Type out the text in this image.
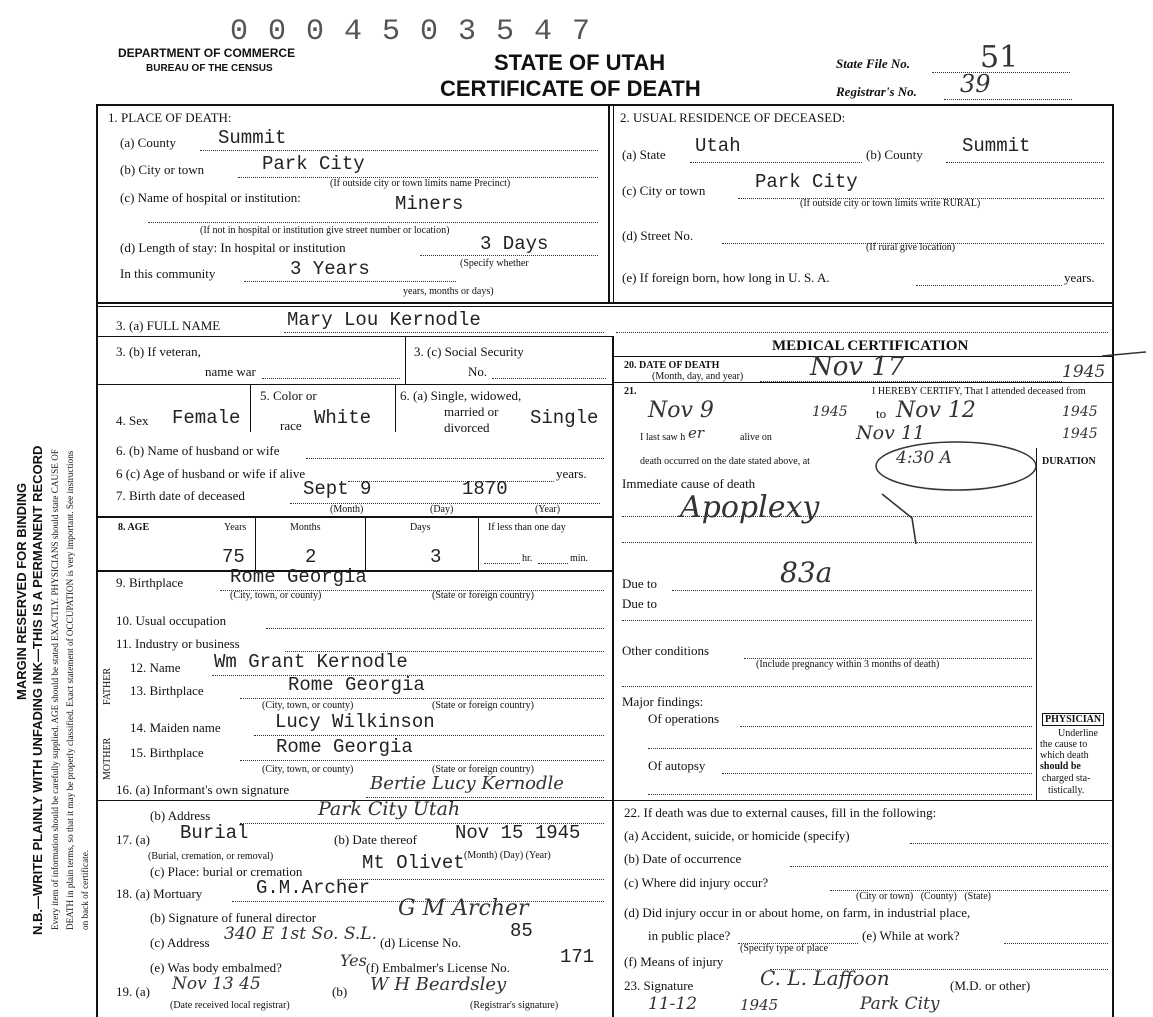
0 0 0 4 5 0 3 5 4 7
DEPARTMENT OF COMMERCE
BUREAU OF THE CENSUS	STATE OF UTAH
CERTIFICATE OF DEATH
State File No. 51
Registrar's No. 39
MARGIN RESERVED FOR BINDING N.B.—WRITE PLAINLY WITH UNFADING INK—THIS IS A PERMANENT RECORD Every item of information should be carefully supplied. AGE should be stated EXACTLY. PHYSICIANS should state CAUSE OF DEATH in plain terms, so that it may be properly classified. Exact statement of OCCUPATION is very important. See instructions on back of certificate.
1. PLACE OF DEATH:
(a) County Summit
(b) City or town	Park City
(If outside city or town limits name Precinct)
(c) Name of hospital or institution:	Miners
(If not in hospital or institution give street number or location)
(d) Length of stay: In hospital or institution	3 Days
In this community	3 Years	(Specify whether
years, months or days)
2. USUAL RESIDENCE OF DECEASED:
(a) State Utah	(b) County Summit
(c) City or town	Park City
(If outside city or town limits write RURAL)
(d) Street No.
(If rural give location)
(e) If foreign born, how long in U. S. A.	years.
3. (a) FULL NAME	Mary Lou Kernodle
3. (b) If veteran,
name war
3. (c) Social Security
No.
5. Color or
4. Sex Female	race White
6. (a) Single, widowed,
married or
divorced Single
6. (b) Name of husband or wife
6 (c) Age of husband or wife if alive	years.
7. Birth date of deceased	Sept 9	1870
(Month)	(Day)	(Year)
8. AGE	Years	Months	Days	If less than one day
75	2	3	hr.	min.
9. Birthplace Rome Georgia
(City, town, or county)	(State or foreign country)
10. Usual occupation
11. Industry or business
FATHER
MOTHER
12. Name Wm Grant Kernodle
13. Birthplace	Rome Georgia
(City, town, or county)	(State or foreign country)
14. Maiden name	Lucy Wilkinson
15. Birthplace	Rome Georgia
(City, town, or county)	(State or foreign country)
16. (a) Informant's own signature	Bertie Lucy Kernodle
(b) Address	Park City Utah
17. (a) Burial
(Burial, cremation, or removal)
(b) Date thereof Nov 15 1945
(Month) (Day) (Year)
(c) Place: burial or cremation	Mt Olivet
18. (a) Mortuary	G.M.Archer
(b) Signature of funeral director	G M Archer
(c) Address 340 E 1st So. S.L. (d) License No.
85
(e) Was body embalmed?	Yes (f) Embalmer's License No.	171
19. (a) Nov 13 45
(Date received local registrar)
(b) W H Beardsley
(Registrar's signature)
MEDICAL CERTIFICATION
20. DATE OF DEATH
(Month, day, and year)	Nov 17	1945
21.	I HEREBY CERTIFY, That I attended deceased from
Nov 9	1945 to Nov 12	1945
I last saw h er	alive on	Nov 11	1945
death occurred on the date stated above, at	4:30 A	DURATION
Immediate cause of death
Apoplexy
Due to	83a
Due to
Other conditions
(Include pregnancy within 3 months of death)
Major findings:
Of operations
Of autopsy
PHYSICIAN
Underline
the cause to
which death
should be
charged sta-
tistically.
22. If death was due to external causes, fill in the following:
(a) Accident, suicide, or homicide (specify)
(b) Date of occurrence
(c) Where did injury occur?
(City or town)   (County)   (State)
(d) Did injury occur in or about home, on farm, in industrial place,
in public place?
(Specify type of place
(e) While at work?
(f) Means of injury
23. Signature	C. L. Laffoon	(M.D. or other)
11-12	1945	Park City
